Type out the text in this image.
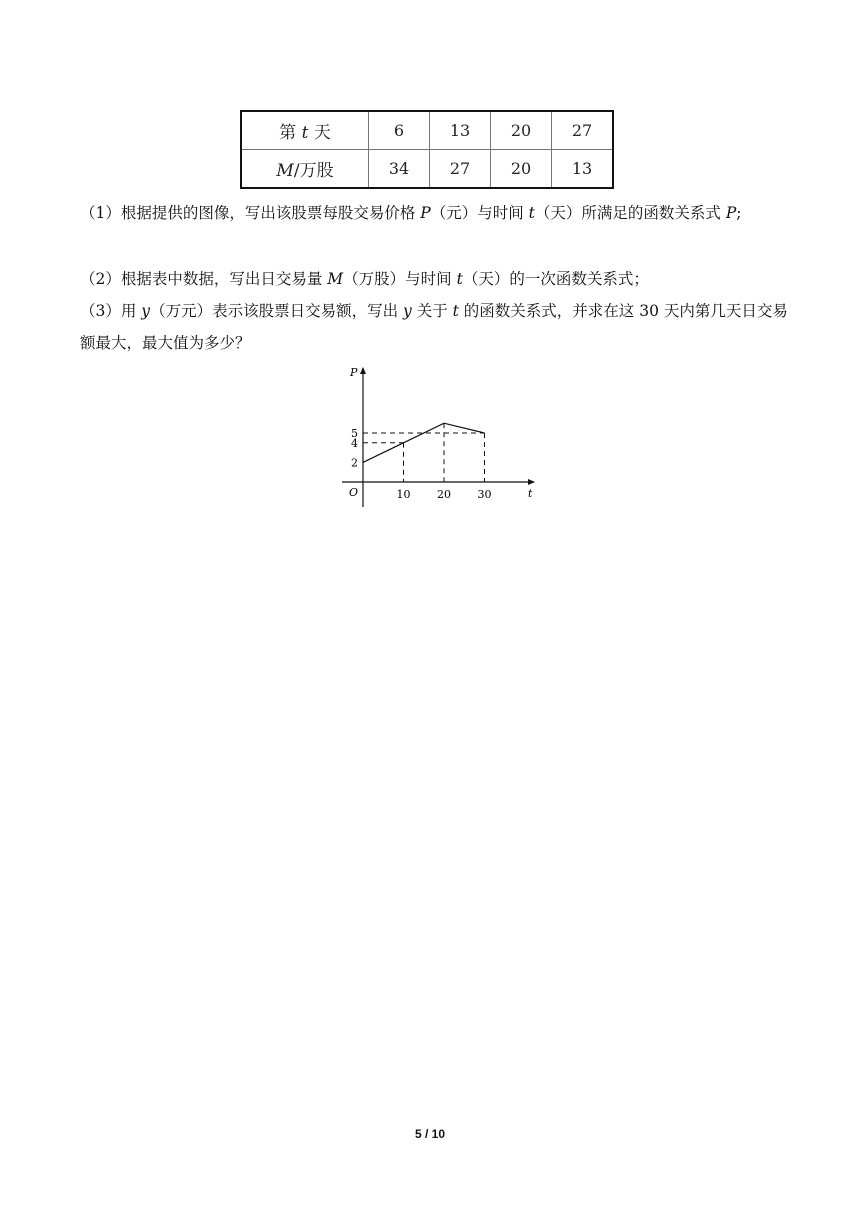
第 t 天	6	13	20	27
M/万股	34	27	20	13

（1）根据提供的图像，写出该股票每股交易价格 P（元）与时间 t（天）所满足的函数关系式 P;

（2）根据表中数据，写出日交易量 M（万股）与时间 t（天）的一次函数关系式；

（3）用 y（万元）表示该股票日交易额，写出 y 关于 t 的函数关系式，并求在这 30 天内第几天日交易额最大，最大值为多少？

P
t
O	10 20 30
2
4
5
5 / 10
